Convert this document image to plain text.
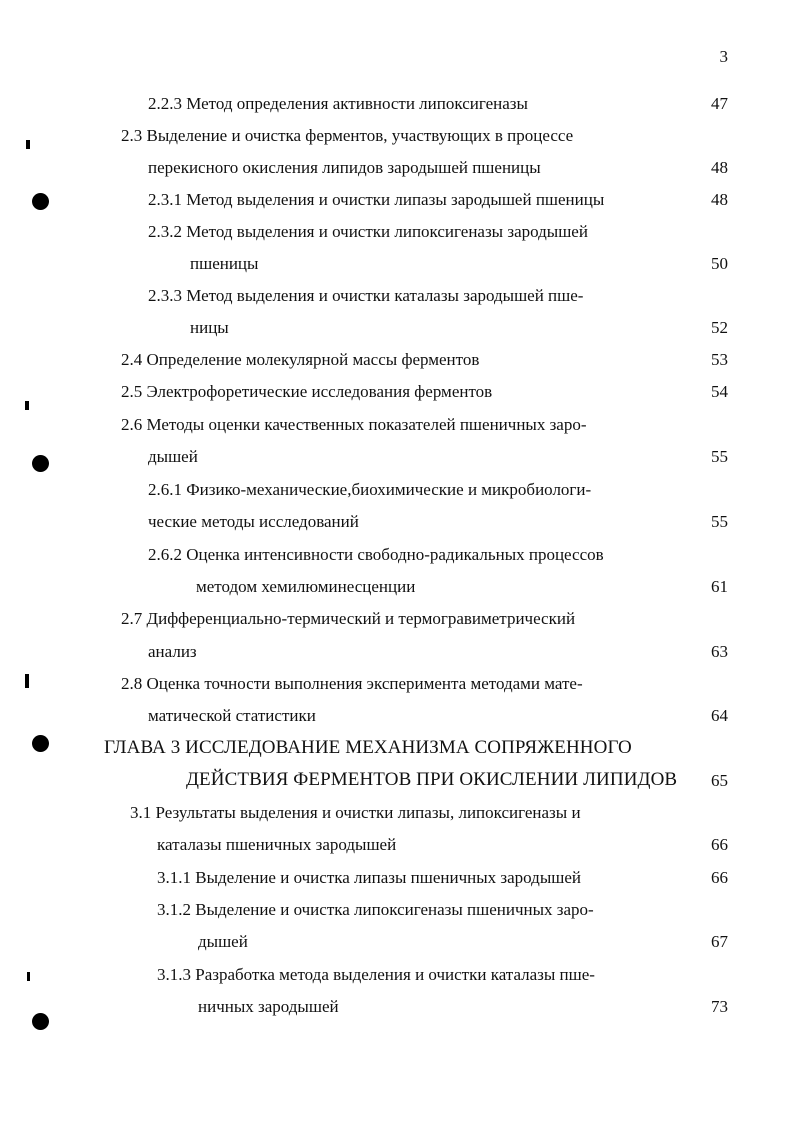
3
2.2.3 Метод определения активности липоксигеназы	47
2.3 Выделение и очистка ферментов, участвующих в процессе
перекисного окисления липидов зародышей пшеницы	48
2.3.1 Метод выделения и очистки липазы зародышей пшеницы	48
2.3.2 Метод выделения и очистки липоксигеназы зародышей
пшеницы	50
2.3.3 Метод выделения и очистки каталазы зародышей пше-
ницы	52
2.4 Определение молекулярной массы ферментов	53
2.5 Электрофоретические исследования ферментов	54
2.6 Методы оценки качественных показателей пшеничных заро-
дышей	55
2.6.1 Физико-механические,биохимические и микробиологи-
ческие методы исследований	55
2.6.2 Оценка интенсивности свободно-радикальных процессов
методом хемилюминесценции	61
2.7 Дифференциально-термический и термогравиметрический
анализ	63
2.8 Оценка точности выполнения эксперимента методами мате-
матической статистики	64
ГЛАВА 3 ИССЛЕДОВАНИЕ МЕХАНИЗМА СОПРЯЖЕННОГО
ДЕЙСТВИЯ ФЕРМЕНТОВ ПРИ ОКИСЛЕНИИ ЛИПИДОВ 65
3.1 Результаты выделения и очистки липазы, липоксигеназы и
каталазы пшеничных зародышей	66
3.1.1 Выделение и очистка липазы пшеничных зародышей	66
3.1.2 Выделение и очистка липоксигеназы пшеничных заро-
дышей	67
3.1.3 Разработка метода выделения и очистки каталазы пше-
ничных зародышей	73
